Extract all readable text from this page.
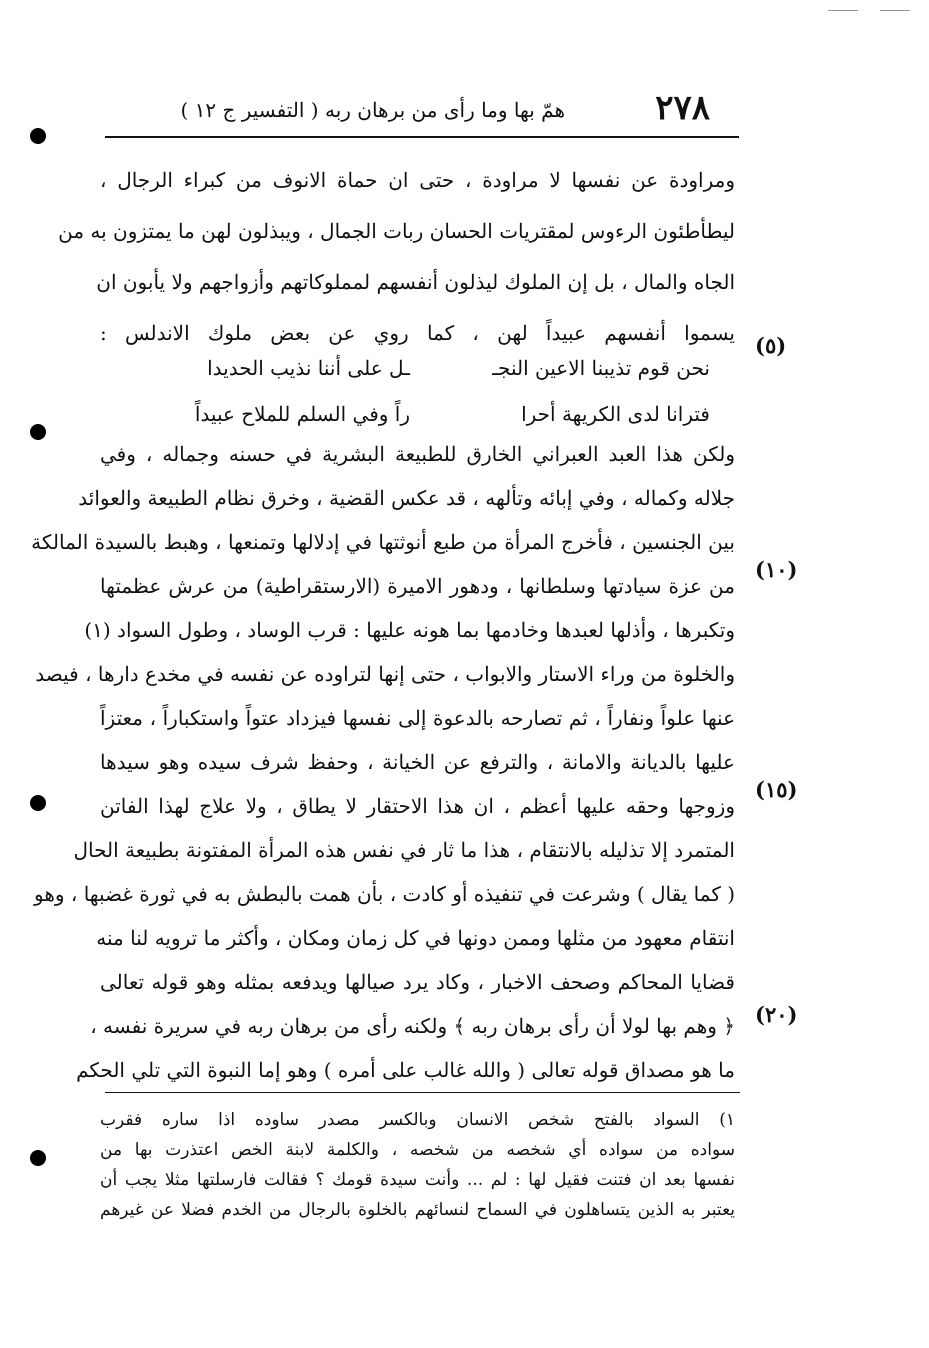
٢٧٨
همّ بها وما رأى من برهان ربه ( التفسير ج ١٢ )
ومراودة عن نفسها لا مراودة ، حتى ان حماة الانوف من كبراء الرجال ،
ليطأطئون الرءوس لمقتريات الحسان ربات الجمال ، ويبذلون لهن ما يمتزون به من
الجاه والمال ، بل إن الملوك ليذلون أنفسهم لمملوكاتهم وأزواجهم ولا يأبون ان
يسموا أنفسهم عبيداً لهن ، كما روي عن بعض ملوك الاندلس :
نحن قوم تذيبنا الاعين النجـ
ـل على أننا نذيب الحديدا
فترانا لدى الكريهة أحرا
راً وفي السلم للملاح عبيداً
ولكن هذا العبد العبراني الخارق للطبيعة البشرية في حسنه وجماله ، وفي
جلاله وكماله ، وفي إبائه وتألهه ، قد عكس القضية ، وخرق نظام الطبيعة والعوائد
بين الجنسين ، فأخرج المرأة من طبع أنوثتها في إدلالها وتمنعها ، وهبط بالسيدة المالكة
من عزة سيادتها وسلطانها ، ودهور الاميرة (الارستقراطية) من عرش عظمتها
وتكبرها ، وأذلها لعبدها وخادمها بما هونه عليها : قرب الوساد ، وطول السواد (١)
والخلوة من وراء الاستار والابواب ، حتى إنها لتراوده عن نفسه في مخدع دارها ، فيصد
عنها علواً ونفاراً ، ثم تصارحه بالدعوة إلى نفسها فيزداد عتواً واستكباراً ، معتزاً
عليها بالديانة والامانة ، والترفع عن الخيانة ، وحفظ شرف سيده وهو سيدها
وزوجها وحقه عليها أعظم ، ان هذا الاحتقار لا يطاق ، ولا علاج لهذا الفاتن
المتمرد إلا تذليله بالانتقام ، هذا ما ثار في نفس هذه المرأة المفتونة بطبيعة الحال
( كما يقال ) وشرعت في تنفيذه أو كادت ، بأن همت بالبطش به في ثورة غضبها ، وهو
انتقام معهود من مثلها وممن دونها في كل زمان ومكان ، وأكثر ما ترويه لنا منه
قضايا المحاكم وصحف الاخبار ، وكاد يرد صيالها ويدفعه بمثله وهو قوله تعالى
﴿ وهم بها لولا أن رأى برهان ربه ﴾ ولكنه رأى من برهان ربه في سريرة نفسه ،
ما هو مصداق قوله تعالى ( والله غالب على أمره ) وهو إما النبوة التي تلي الحكم
(٥)
(١٠)
(١٥)
(٢٠)
١) السواد بالفتح شخص الانسان وبالكسر مصدر ساوده اذا ساره فقرب
سواده من سواده أي شخصه من شخصه ، والكلمة لابنة الخص اعتذرت بها من
نفسها بعد ان فتنت فقيل لها : لم ... وأنت سيدة قومك ؟ فقالت فارسلتها مثلا يجب أن
يعتبر به الذين يتساهلون في السماح لنسائهم بالخلوة بالرجال من الخدم فضلا عن غيرهم
